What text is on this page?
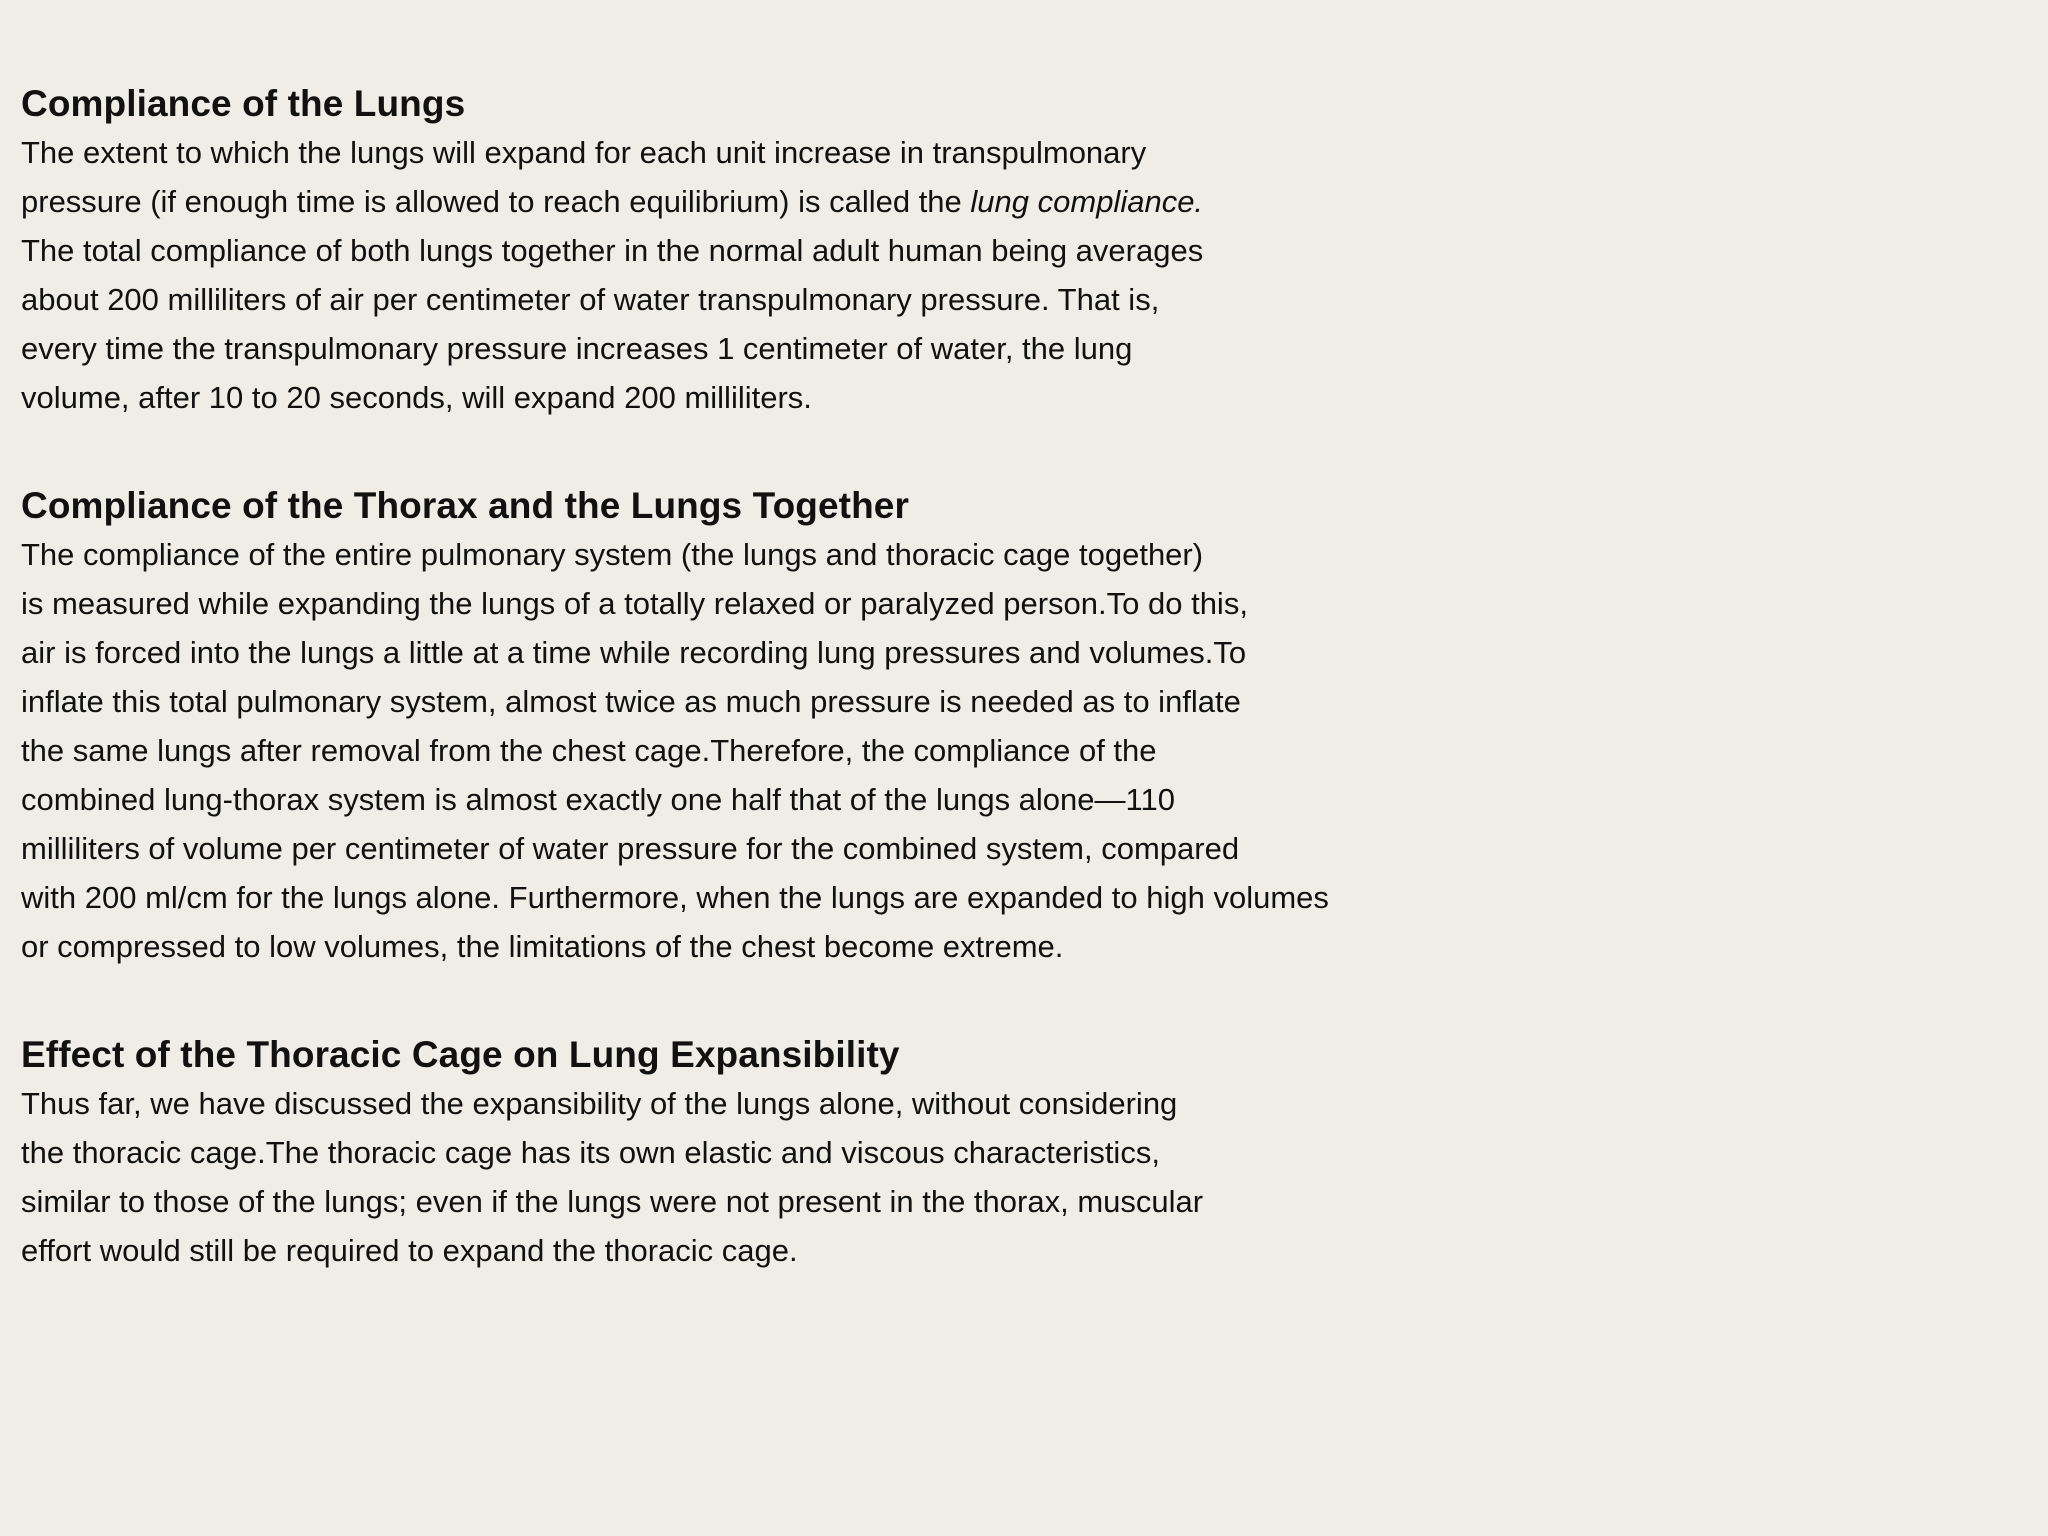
Compliance of the Lungs
The extent to which the lungs will expand for each unit increase in transpulmonary
pressure (if enough time is allowed to reach equilibrium) is called the lung compliance.
The total compliance of both lungs together in the normal adult human being averages
about 200 milliliters of air per centimeter of water transpulmonary pressure. That is,
every time the transpulmonary pressure increases 1 centimeter of water, the lung
volume, after 10 to 20 seconds, will expand 200 milliliters.
Compliance of the Thorax and the Lungs Together
The compliance of the entire pulmonary system (the lungs and thoracic cage together)
is measured while expanding the lungs of a totally relaxed or paralyzed person.To do this,
air is forced into the lungs a little at a time while recording lung pressures and volumes.To
inflate this total pulmonary system, almost twice as much pressure is needed as to inflate
the same lungs after removal from the chest cage.Therefore, the compliance of the
combined lung-thorax system is almost exactly one half that of the lungs alone—110
milliliters of volume per centimeter of water pressure for the combined system, compared
with 200 ml/cm for the lungs alone. Furthermore, when the lungs are expanded to high volumes
or compressed to low volumes, the limitations of the chest become extreme.
Effect of the Thoracic Cage on Lung Expansibility
Thus far, we have discussed the expansibility of the lungs alone, without considering
the thoracic cage.The thoracic cage has its own elastic and viscous characteristics,
similar to those of the lungs; even if the lungs were not present in the thorax, muscular
effort would still be required to expand the thoracic cage.
